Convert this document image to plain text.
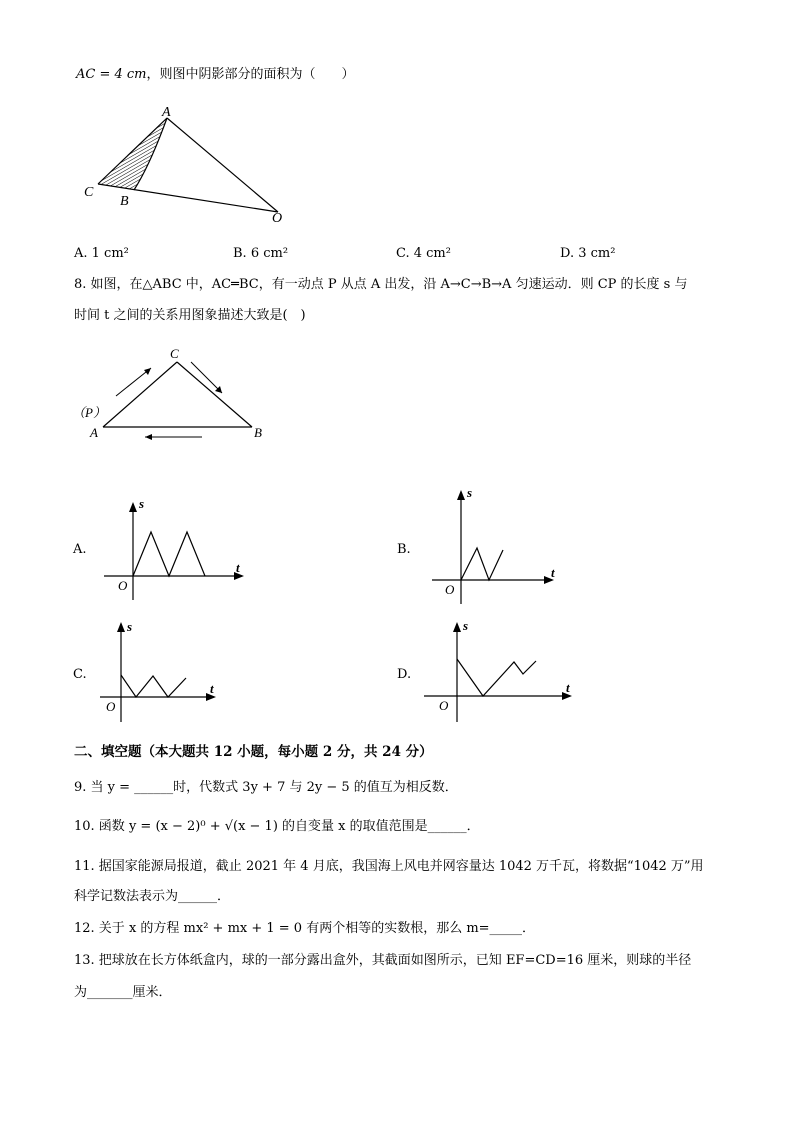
AC = 4 cm，则图中阴影部分的面积为（　　）
A
C
B
O
A. 1 cm²	B. 6 cm²	C. 4 cm²	D. 3 cm²
8. 如图，在△ABC 中，AC═BC，有一动点 P 从点 A 出发，沿 A→C→B→A 匀速运动．则 CP 的长度 s 与
时间 t 之间的关系用图象描述大致是(　)
C
（P）
A	B
A.
s
t
O
B.
s
t
O
C.
s
t
O
D.
s
t
O
二、填空题（本大题共 12 小题，每小题 2 分，共 24 分）
9. 当 y = ______时，代数式 3y + 7 与 2y − 5 的值互为相反数．
10. 函数 y = (x − 2)⁰ + √(x − 1) 的自变量 x 的取值范围是______．
11. 据国家能源局报道，截止 2021 年 4 月底，我国海上风电并网容量达 1042 万千瓦，将数据“1042 万”用
科学记数法表示为______．
12. 关于 x 的方程 mx² + mx + 1 = 0 有两个相等的实数根，那么 m=_____．
13. 把球放在长方体纸盒内，球的一部分露出盒外，其截面如图所示，已知 EF=CD=16 厘米，则球的半径
为_______厘米．
